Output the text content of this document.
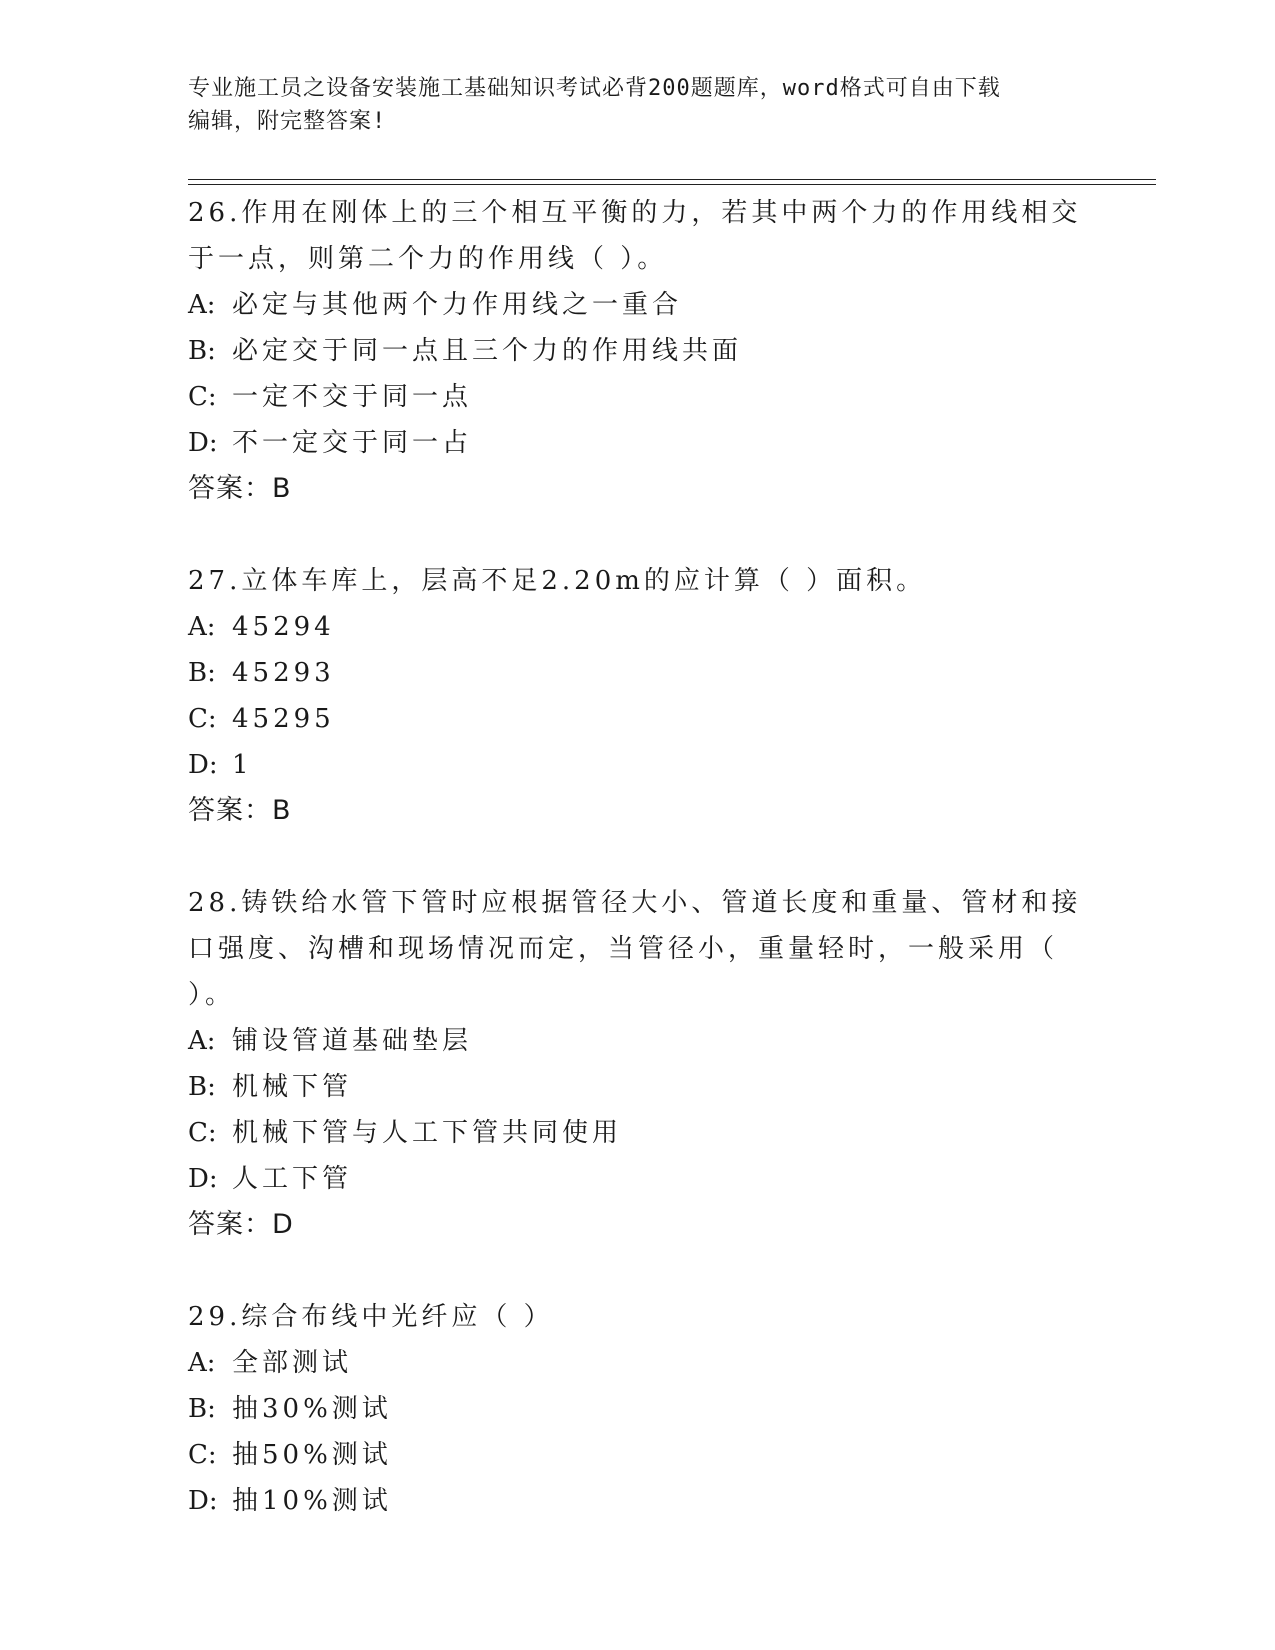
专业施工员之设备安装施工基础知识考试必背200题题库，word格式可自由下载
编辑，附完整答案!

26.作用在刚体上的三个相互平衡的力，若其中两个力的作用线相交于一点，则第二个力的作用线（ ）。

A: 必定与其他两个力作用线之一重合

B: 必定交于同一点且三个力的作用线共面

C: 一定不交于同一点

D: 不一定交于同一占

答案：B

27.立体车库上，层高不足2.20m的应计算（ ）面积。

A: 45294

B: 45293

C: 45295

D: 1

答案：B

28.铸铁给水管下管时应根据管径大小、管道长度和重量、管材和接口强度、沟槽和现场情况而定，当管径小，重量轻时，一般采用（ ）。

A: 铺设管道基础垫层

B: 机械下管

C: 机械下管与人工下管共同使用

D: 人工下管

答案：D

29.综合布线中光纤应（ ）

A: 全部测试

B: 抽30%测试

C: 抽50%测试

D: 抽10%测试
